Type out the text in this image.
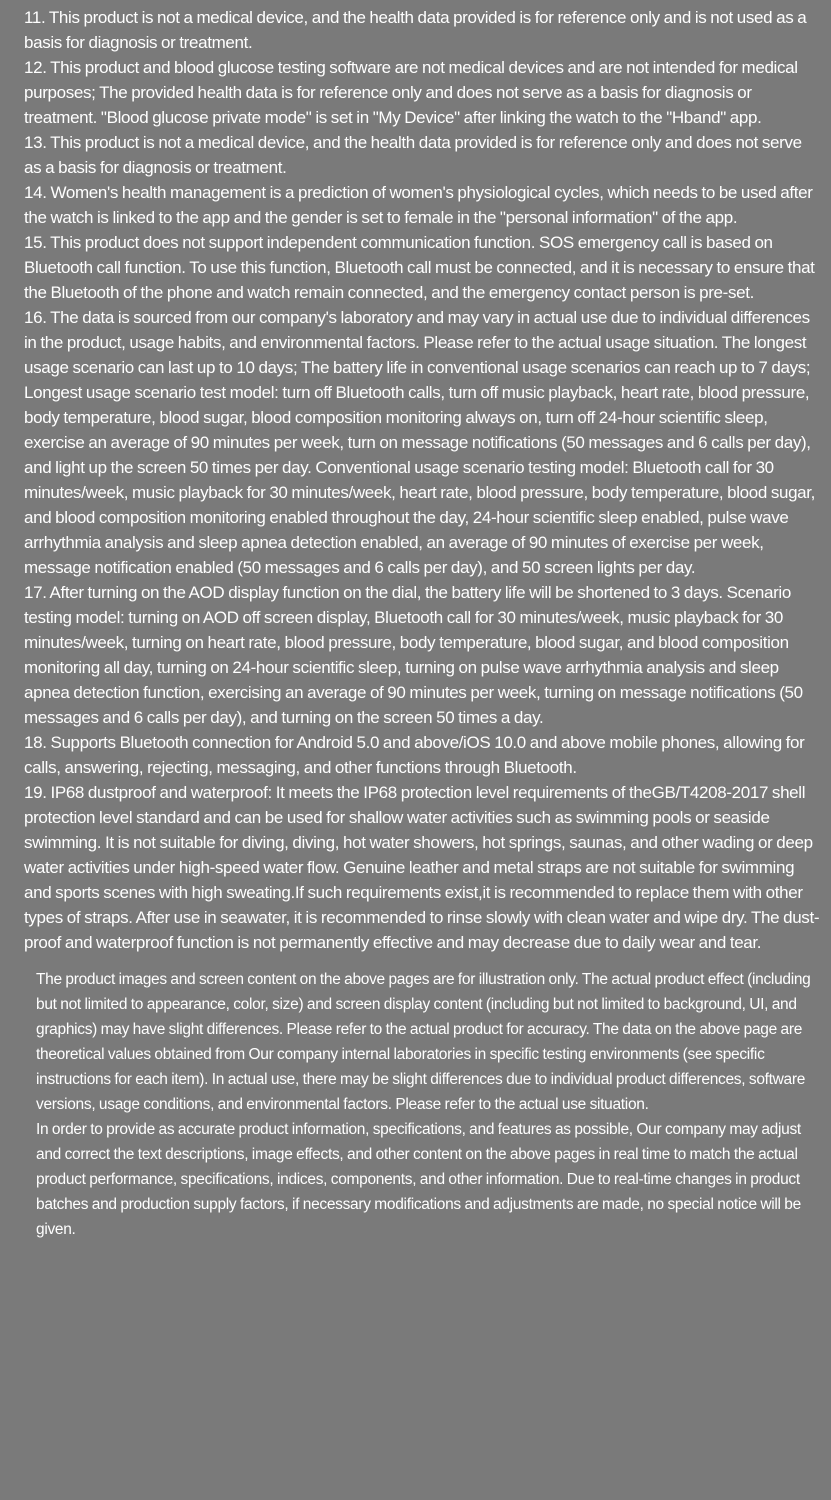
11. This product is not a medical device, and the health data provided is for reference only and is not used as a basis for diagnosis or treatment.

12. This product and blood glucose testing software are not medical devices and are not intended for medical purposes; The provided health data is for reference only and does not serve as a basis for diagnosis or treatment. "Blood glucose private mode" is set in "My Device" after linking the watch to the "Hband" app.

13. This product is not a medical device, and the health data provided is for reference only and does not serve as a basis for diagnosis or treatment.

14. Women's health management is a prediction of women's physiological cycles, which needs to be used after the watch is linked to the app and the gender is set to female in the "personal information" of the app.

15. This product does not support independent communication function. SOS emergency call is based on Bluetooth call function. To use this function, Bluetooth call must be connected, and it is necessary to ensure that the Bluetooth of the phone and watch remain connected, and the emergency contact person is pre-set.

16. The data is sourced from our company's laboratory and may vary in actual use due to individual differences in the product, usage habits, and environmental factors. Please refer to the actual usage situation. The longest usage scenario can last up to 10 days; The battery life in conventional usage scenarios can reach up to 7 days; Longest usage scenario test model: turn off Bluetooth calls, turn off music playback, heart rate, blood pressure, body temperature, blood sugar, blood composition monitoring always on, turn off 24-hour scientific sleep, exercise an average of 90 minutes per week, turn on message notifications (50 messages and 6 calls per day), and light up the screen 50 times per day. Conventional usage scenario testing model: Bluetooth call for 30 minutes/week, music playback for 30 minutes/week, heart rate, blood pressure, body temperature, blood sugar, and blood composition monitoring enabled throughout the day, 24-hour scientific sleep enabled, pulse wave arrhythmia analysis and sleep apnea detection enabled, an average of 90 minutes of exercise per week, message notification enabled (50 messages and 6 calls per day), and 50 screen lights per day.

17. After turning on the AOD display function on the dial, the battery life will be shortened to 3 days. Scenario testing model: turning on AOD off screen display, Bluetooth call for 30 minutes/week, music playback for 30 minutes/week, turning on heart rate, blood pressure, body temperature, blood sugar, and blood composition monitoring all day, turning on 24-hour scientific sleep, turning on pulse wave arrhythmia analysis and sleep apnea detection function, exercising an average of 90 minutes per week, turning on message notifications (50 messages and 6 calls per day), and turning on the screen 50 times a day.

18. Supports Bluetooth connection for Android 5.0 and above/iOS 10.0 and above mobile phones, allowing for calls, answering, rejecting, messaging, and other functions through Bluetooth.

19. IP68 dustproof and waterproof: It meets the IP68 protection level requirements of theGB/T4208-2017 shell protection level standard and can be used for shallow water activities such as swimming pools or seaside swimming. It is not suitable for diving, diving, hot water showers, hot springs, saunas, and other wading or deep water activities under high-speed water flow. Genuine leather and metal straps are not suitable for swimming and sports scenes with high sweating.If such requirements exist,it is recommended to replace them with other types of straps. After use in seawater, it is recommended to rinse slowly with clean water and wipe dry. The dust-proof and waterproof function is not permanently effective and may decrease due to daily wear and tear.

The product images and screen content on the above pages are for illustration only. The actual product effect (including but not limited to appearance, color, size) and screen display content (including but not limited to background, UI, and graphics) may have slight differences. Please refer to the actual product for accuracy. The data on the above page are theoretical values obtained from Our company internal laboratories in specific testing environments (see specific instructions for each item). In actual use, there may be slight differences due to individual product differences, software versions, usage conditions, and environmental factors. Please refer to the actual use situation.

In order to provide as accurate product information, specifications, and features as possible, Our company may adjust and correct the text descriptions, image effects, and other content on the above pages in real time to match the actual product performance, specifications, indices, components, and other information. Due to real-time changes in product batches and production supply factors, if necessary modifications and adjustments are made, no special notice will be given.
